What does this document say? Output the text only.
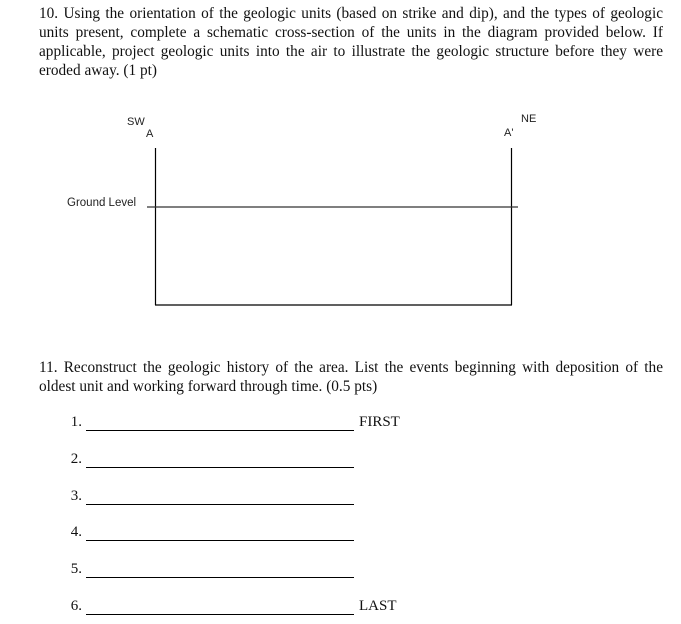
10. Using the orientation of the geologic units (based on strike and dip), and the types of geologic units present, complete a schematic cross-section of the units in the diagram provided below. If applicable, project geologic units into the air to illustrate the geologic structure before they were eroded away. (1 pt)

SW
A
NE
A'
Ground Level

11. Reconstruct the geologic history of the area. List the events beginning with deposition of the oldest unit and working forward through time. (0.5 pts)

1.	FIRST
2.
3.
4.
5.
6.	LAST
